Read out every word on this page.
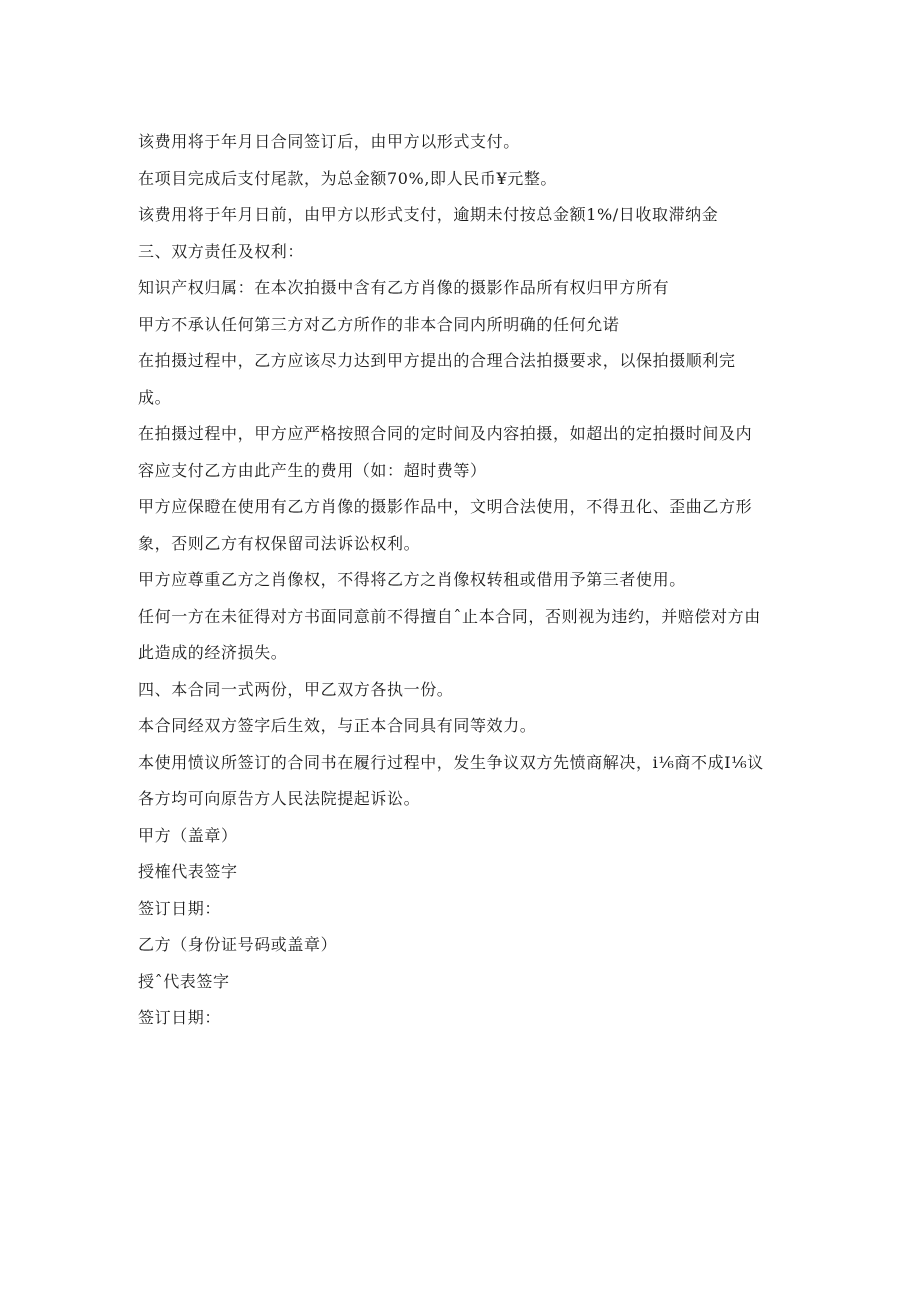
该费用将于年月日合同签订后，由甲方以形式支付。
在项目完成后支付尾款，为总金额70%,即人民币¥元整。
该费用将于年月日前，由甲方以形式支付，逾期未付按总金额1%/日收取滞纳金
三、双方责任及权利：
知识产权归属：在本次拍摄中含有乙方肖像的摄影作品所有权归甲方所有
甲方不承认任何第三方对乙方所作的非本合同内所明确的任何允诺
在拍摄过程中，乙方应该尽力达到甲方提出的合理合法拍摄要求，以保拍摄顺利完
成。
在拍摄过程中，甲方应严格按照合同的定时间及内容拍摄，如超出的定拍摄时间及内
容应支付乙方由此产生的费用（如：超时费等）
甲方应保瞪在使用有乙方肖像的摄影作品中，文明合法使用，不得丑化、歪曲乙方形
象，否则乙方有权保留司法诉讼权利。
甲方应尊重乙方之肖像权，不得将乙方之肖像权转租或借用予第三者使用。
任何一方在未征得对方书面同意前不得擅自ˆ止本合同，否则视为违约，并赔偿对方由
此造成的经济损失。
四、本合同一式两份，甲乙双方各执一份。
本合同经双方签字后生效，与正本合同具有同等效力。
本使用愤议所签订的合同书在履行过程中，发生争议双方先愤商解决，i⅙商不成I⅙议
各方均可向原告方人民法院提起诉讼。
甲方（盖章）
授榷代表签字
签订日期：
乙方（身份证号码或盖章）
授ˆ代表签字
签订日期：
